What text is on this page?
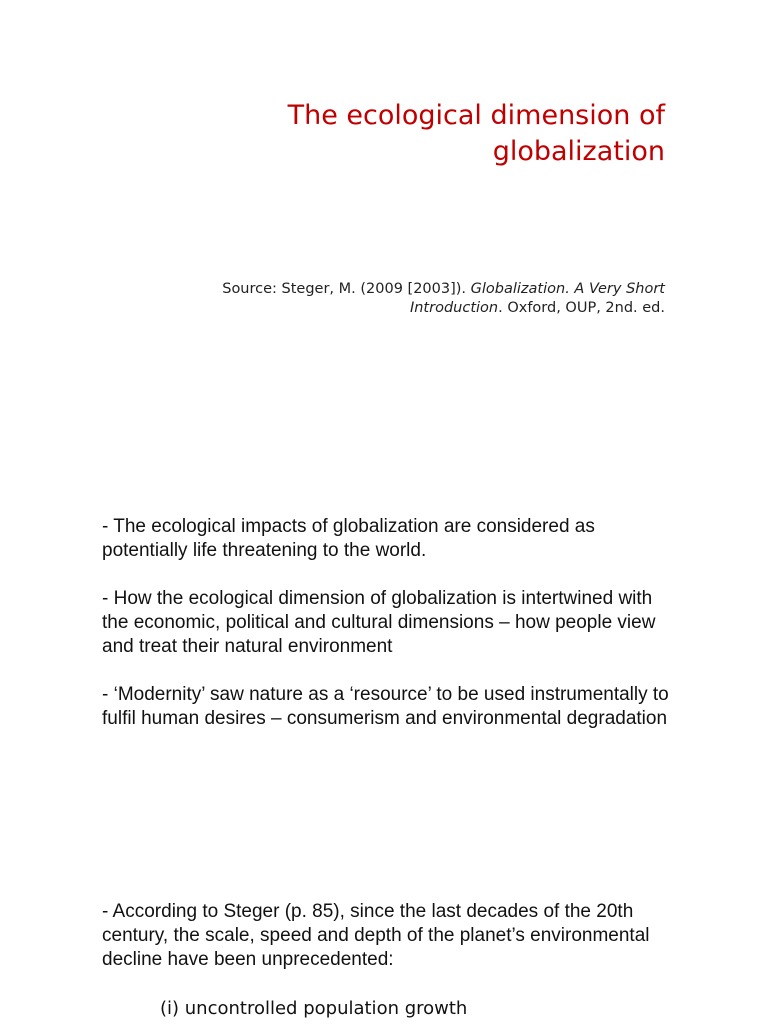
The ecological dimension of globalization

Source: Steger, M. (2009 [2003]). Globalization. A Very Short Introduction. Oxford, OUP, 2nd. ed.

- The ecological impacts of globalization are considered as potentially life threatening to the world.

- How the ecological dimension of globalization is intertwined with the economic, political and cultural dimensions – how people view and treat their natural environment

- ‘Modernity’ saw nature as a ‘resource’ to be used instrumentally to fulfil human desires – consumerism and environmental degradation

- According to Steger (p. 85), since the last decades of the 20th century, the scale, speed and depth of the planet’s environmental decline have been unprecedented:

(i) uncontrolled population growth
